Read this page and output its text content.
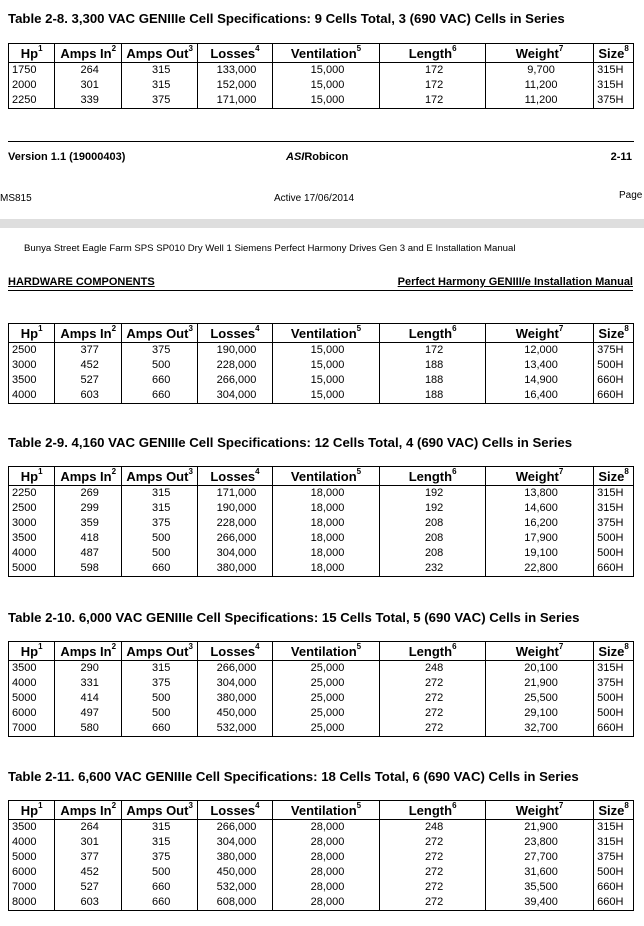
Table 2-8. 3,300 VAC GENIIIe Cell Specifications: 9 Cells Total, 3 (690 VAC) Cells in Series
Hp$^1$	Amps In$^2$	Amps Out$^3$	Losses$^4$	Ventilation$^5$	Length$^6$	Weight$^7$	Size$^8$
1750	264	315	133,000	15,000	172	9,700	315H
2000	301	315	152,000	15,000	172	11,200	315H
2250	339	375	171,000	15,000	172	11,200	375H
Version 1.1 (19000403)	ASIRobicon	2-11
MS815	Active 17/06/2014	Page
Bunya Street Eagle Farm SPS SP010 Dry Well 1 Siemens Perfect Harmony Drives Gen 3 and E Installation Manual
HARDWARE COMPONENTS	Perfect Harmony GENIII/e Installation Manual
Hp$^1$	Amps In$^2$	Amps Out$^3$	Losses$^4$	Ventilation$^5$	Length$^6$	Weight$^7$	Size$^8$
2500	377	375	190,000	15,000	172	12,000	375H
3000	452	500	228,000	15,000	188	13,400	500H
3500	527	660	266,000	15,000	188	14,900	660H
4000	603	660	304,000	15,000	188	16,400	660H
Table 2-9. 4,160 VAC GENIIIe Cell Specifications: 12 Cells Total, 4 (690 VAC) Cells in Series
Hp$^1$	Amps In$^2$	Amps Out$^3$	Losses$^4$	Ventilation$^5$	Length$^6$	Weight$^7$	Size$^8$
2250	269	315	171,000	18,000	192	13,800	315H
2500	299	315	190,000	18,000	192	14,600	315H
3000	359	375	228,000	18,000	208	16,200	375H
3500	418	500	266,000	18,000	208	17,900	500H
4000	487	500	304,000	18,000	208	19,100	500H
5000	598	660	380,000	18,000	232	22,800	660H
Table 2-10. 6,000 VAC GENIIIe Cell Specifications: 15 Cells Total, 5 (690 VAC) Cells in Series
Hp$^1$	Amps In$^2$	Amps Out$^3$	Losses$^4$	Ventilation$^5$	Length$^6$	Weight$^7$	Size$^8$
3500	290	315	266,000	25,000	248	20,100	315H
4000	331	375	304,000	25,000	272	21,900	375H
5000	414	500	380,000	25,000	272	25,500	500H
6000	497	500	450,000	25,000	272	29,100	500H
7000	580	660	532,000	25,000	272	32,700	660H
Table 2-11. 6,600 VAC GENIIIe Cell Specifications: 18 Cells Total, 6 (690 VAC) Cells in Series
Hp$^1$	Amps In$^2$	Amps Out$^3$	Losses$^4$	Ventilation$^5$	Length$^6$	Weight$^7$	Size$^8$
3500	264	315	266,000	28,000	248	21,900	315H
4000	301	315	304,000	28,000	272	23,800	315H
5000	377	375	380,000	28,000	272	27,700	375H
6000	452	500	450,000	28,000	272	31,600	500H
7000	527	660	532,000	28,000	272	35,500	660H
8000	603	660	608,000	28,000	272	39,400	660H
